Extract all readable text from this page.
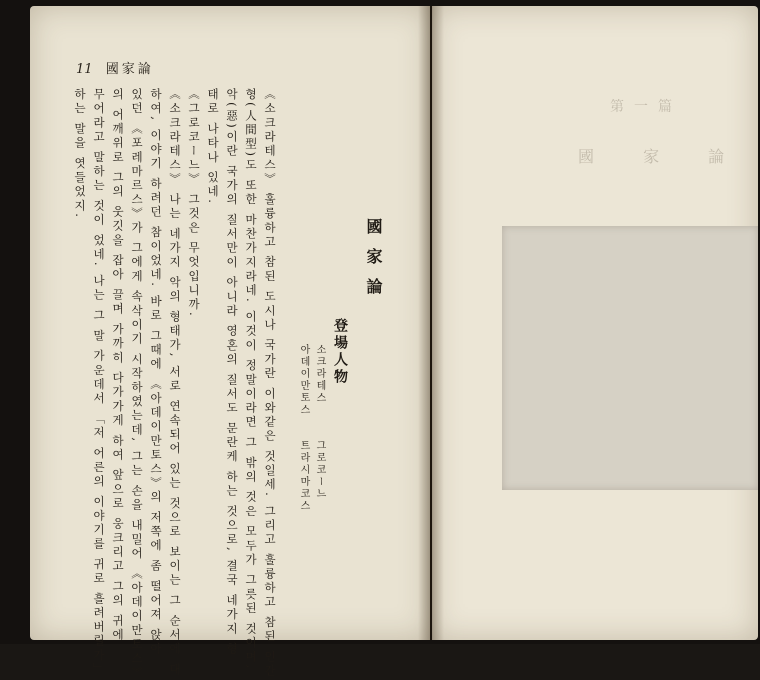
11 國家論
國家論
登場人物
소크라테스
아데이만토스
그로코ー느
트라시마코스
《소크라테스》 훌륭하고 참된 도시나 국가란 이와같은 것일세. 그리고 훌륭하고 참된 인간
형(人間型)도 또한 마찬가지라네. 이것이 정말이라면 그 밖의 것은 모두가 그릇된 것이며,
악(惡)이란 국가의 질서만이 아니라 영혼의 질서도 문란케 하는 것으로, 결국 네가지 형
태로 나타나 있네.
《그로코ー느》 그것은 무엇입니까.
《소크라테스》 나는 네가지 악의 형태가, 서로 연속되어 있는 것으로 보이는 그 순서에 대
하여, 이야기 하려던 참이었네. 바로 그때에 《아데이만토스》의 저쪽에 좀 떨어져 앉아
있던 《포레마르스》가 그에게 속삭이기 시작하였는데, 그는 손을 내밀어 《아데이만토스》
의 어깨위로 그의 웃깃을 잡아 끌며 가까히 다가가게 하여 앞으로 웅크리고 그의 귀에
무어라고 말하는 것이 었네. 나는 그 말 가운데서 「저 어른의 이야기를 귀로 흘려버릴가」
하는 말을 엿들었지.	第一篇
國 家 論
